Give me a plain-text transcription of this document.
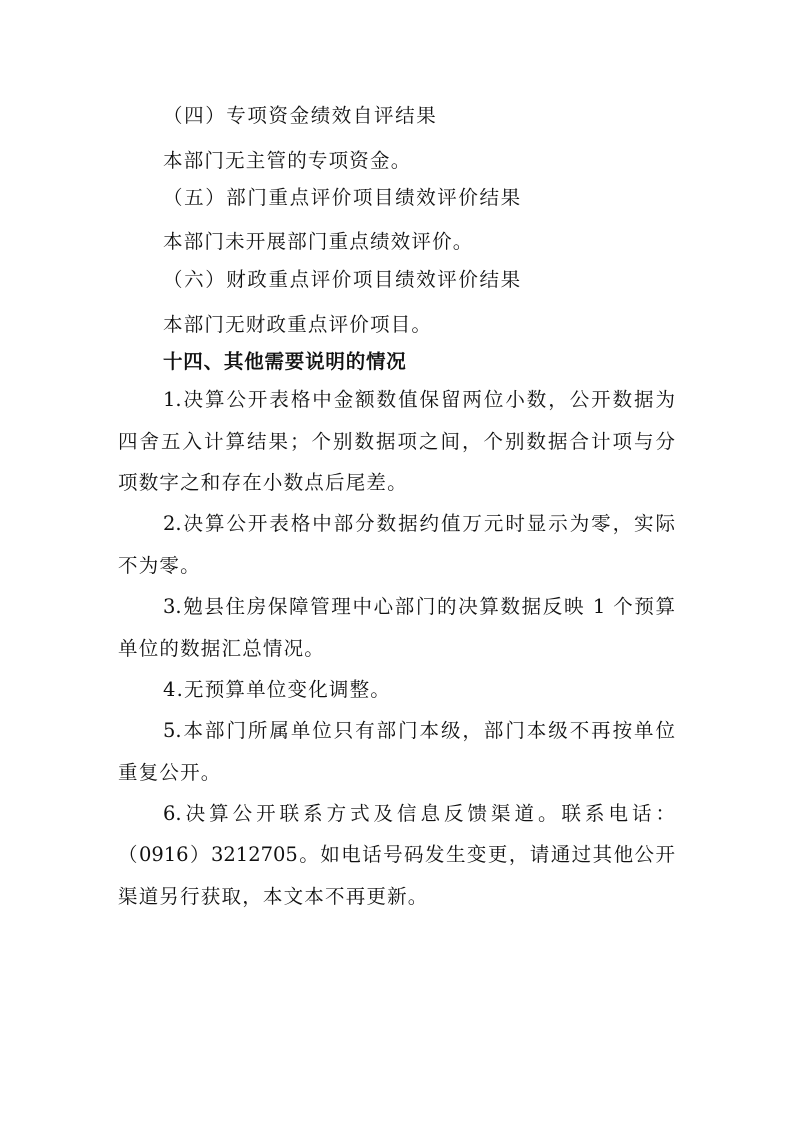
（四）专项资金绩效自评结果
本部门无主管的专项资金。
（五）部门重点评价项目绩效评价结果
本部门未开展部门重点绩效评价。
（六）财政重点评价项目绩效评价结果
本部门无财政重点评价项目。
十四、其他需要说明的情况
1.决算公开表格中金额数值保留两位小数，公开数据为
四舍五入计算结果；个别数据项之间，个别数据合计项与分
项数字之和存在小数点后尾差。
2.决算公开表格中部分数据约值万元时显示为零，实际
不为零。
3.勉县住房保障管理中心部门的决算数据反映 1 个预算
单位的数据汇总情况。
4.无预算单位变化调整。
5.本部门所属单位只有部门本级，部门本级不再按单位
重复公开。
6.决算公开联系方式及信息反馈渠道。联系电话：
（0916）3212705。如电话号码发生变更，请通过其他公开
渠道另行获取，本文本不再更新。
